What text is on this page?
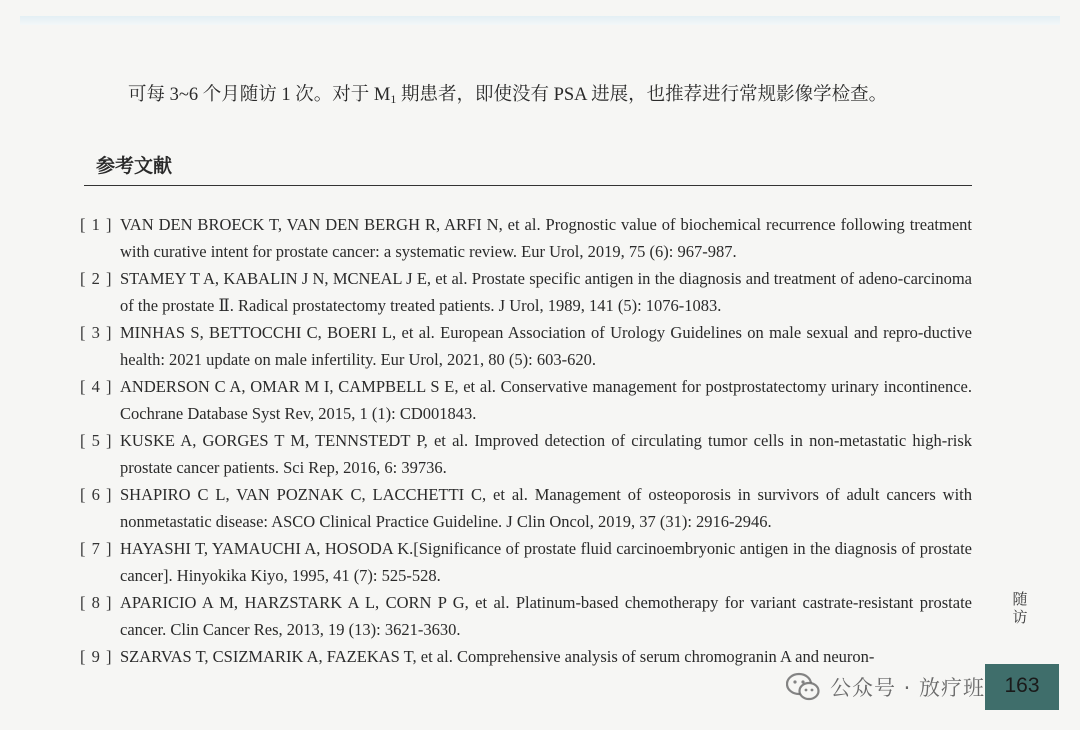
可每 3~6 个月随访 1 次。对于 $M_1$ 期患者，即使没有 PSA 进展，也推荐进行常规影像学检查。
参考文献
[ 1 ] VAN DEN BROECK T, VAN DEN BERGH R, ARFI N, et al. Prognostic value of biochemical recurrence following treatment with curative intent for prostate cancer: a systematic review. Eur Urol, 2019, 75 (6): 967-987.
[ 2 ] STAMEY T A, KABALIN J N, MCNEAL J E, et al. Prostate specific antigen in the diagnosis and treatment of adeno-carcinoma of the prostate Ⅱ. Radical prostatectomy treated patients. J Urol, 1989, 141 (5): 1076-1083.
[ 3 ] MINHAS S, BETTOCCHI C, BOERI L, et al. European Association of Urology Guidelines on male sexual and repro-ductive health: 2021 update on male infertility. Eur Urol, 2021, 80 (5): 603-620.
[ 4 ] ANDERSON C A, OMAR M I, CAMPBELL S E, et al. Conservative management for postprostatectomy urinary incontinence. Cochrane Database Syst Rev, 2015, 1 (1): CD001843.
[ 5 ] KUSKE A, GORGES T M, TENNSTEDT P, et al. Improved detection of circulating tumor cells in non-metastatic high-risk prostate cancer patients. Sci Rep, 2016, 6: 39736.
[ 6 ] SHAPIRO C L, VAN POZNAK C, LACCHETTI C, et al. Management of osteoporosis in survivors of adult cancers with nonmetastatic disease: ASCO Clinical Practice Guideline. J Clin Oncol, 2019, 37 (31): 2916-2946.
[ 7 ] HAYASHI T, YAMAUCHI A, HOSODA K.[Significance of prostate fluid carcinoembryonic antigen in the diagnosis of prostate cancer]. Hinyokika Kiyo, 1995, 41 (7): 525-528.
[ 8 ] APARICIO A M, HARZSTARK A L, CORN P G, et al. Platinum-based chemotherapy for variant castrate-resistant prostate cancer. Clin Cancer Res, 2013, 19 (13): 3621-3630.
[ 9 ] SZARVAS T, CSIZMARIK A, FAZEKAS T, et al. Comprehensive analysis of serum chromogranin A and neuron-
随
访
163
公众号 · 放疗班
